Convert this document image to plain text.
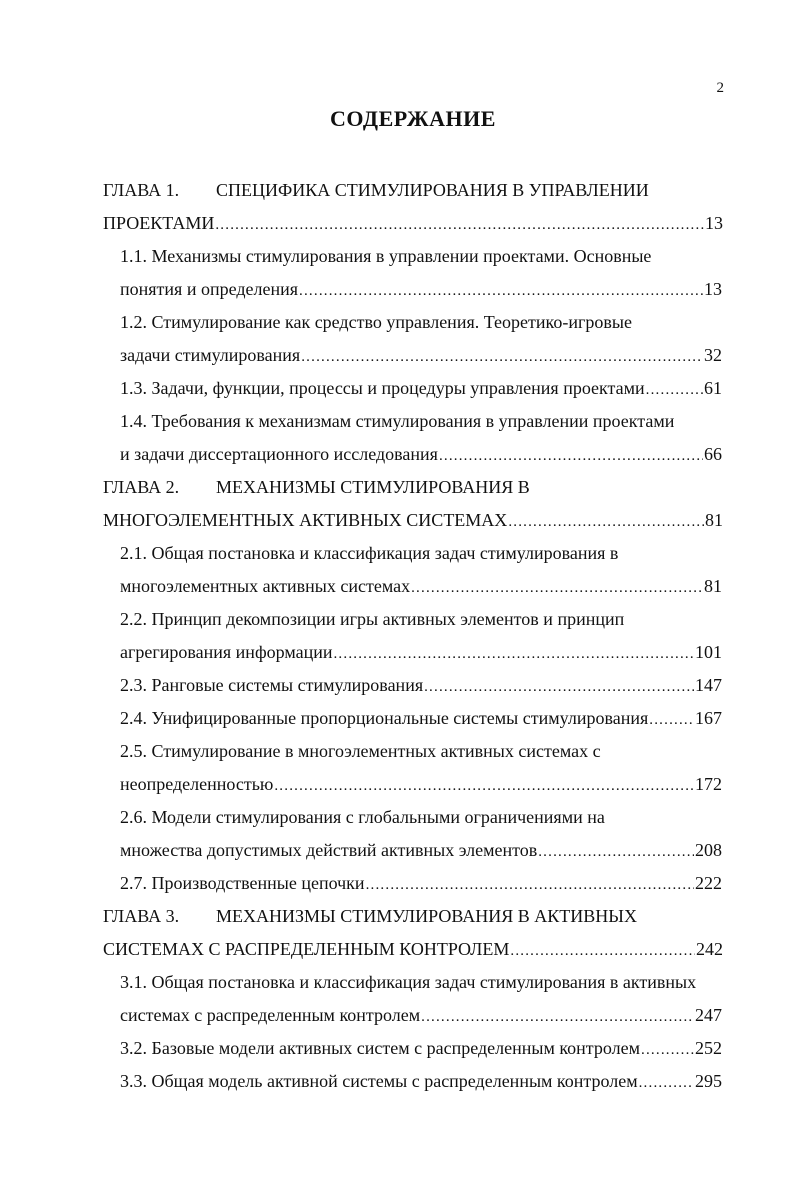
2
СОДЕРЖАНИЕ
ГЛАВА 1. СПЕЦИФИКА СТИМУЛИРОВАНИЯ В УПРАВЛЕНИИ
ПРОЕКТАМИ .....	13
1.1. Механизмы стимулирования в управлении проектами. Основные
понятия и определения .....	13
1.2. Стимулирование как средство управления. Теоретико-игровые
задачи стимулирования .....	32
1.3. Задачи, функции, процессы и процедуры управления проектами .....	61
1.4. Требования к механизмам стимулирования в управлении проектами
и задачи диссертационного исследования .....	66
ГЛАВА 2. МЕХАНИЗМЫ СТИМУЛИРОВАНИЯ В
МНОГОЭЛЕМЕНТНЫХ АКТИВНЫХ СИСТЕМАХ .....	81
2.1. Общая постановка и классификация задач стимулирования в
многоэлементных активных системах .....	81
2.2. Принцип декомпозиции игры активных элементов и принцип
агрегирования информации .....	101
2.3. Ранговые системы стимулирования .....	147
2.4. Унифицированные пропорциональные системы стимулирования .....	167
2.5. Стимулирование в многоэлементных активных системах с
неопределенностью .....	172
2.6. Модели стимулирования с глобальными ограничениями на
множества допустимых действий активных элементов .....	208
2.7. Производственные цепочки .....	222
ГЛАВА 3. МЕХАНИЗМЫ СТИМУЛИРОВАНИЯ В АКТИВНЫХ
СИСТЕМАХ С РАСПРЕДЕЛЕННЫМ КОНТРОЛЕМ .....	242
3.1. Общая постановка и классификация задач стимулирования в активных
системах с распределенным контролем .....	247
3.2. Базовые модели активных систем с распределенным контролем .....	252
3.3. Общая модель активной системы с распределенным контролем .....	295
